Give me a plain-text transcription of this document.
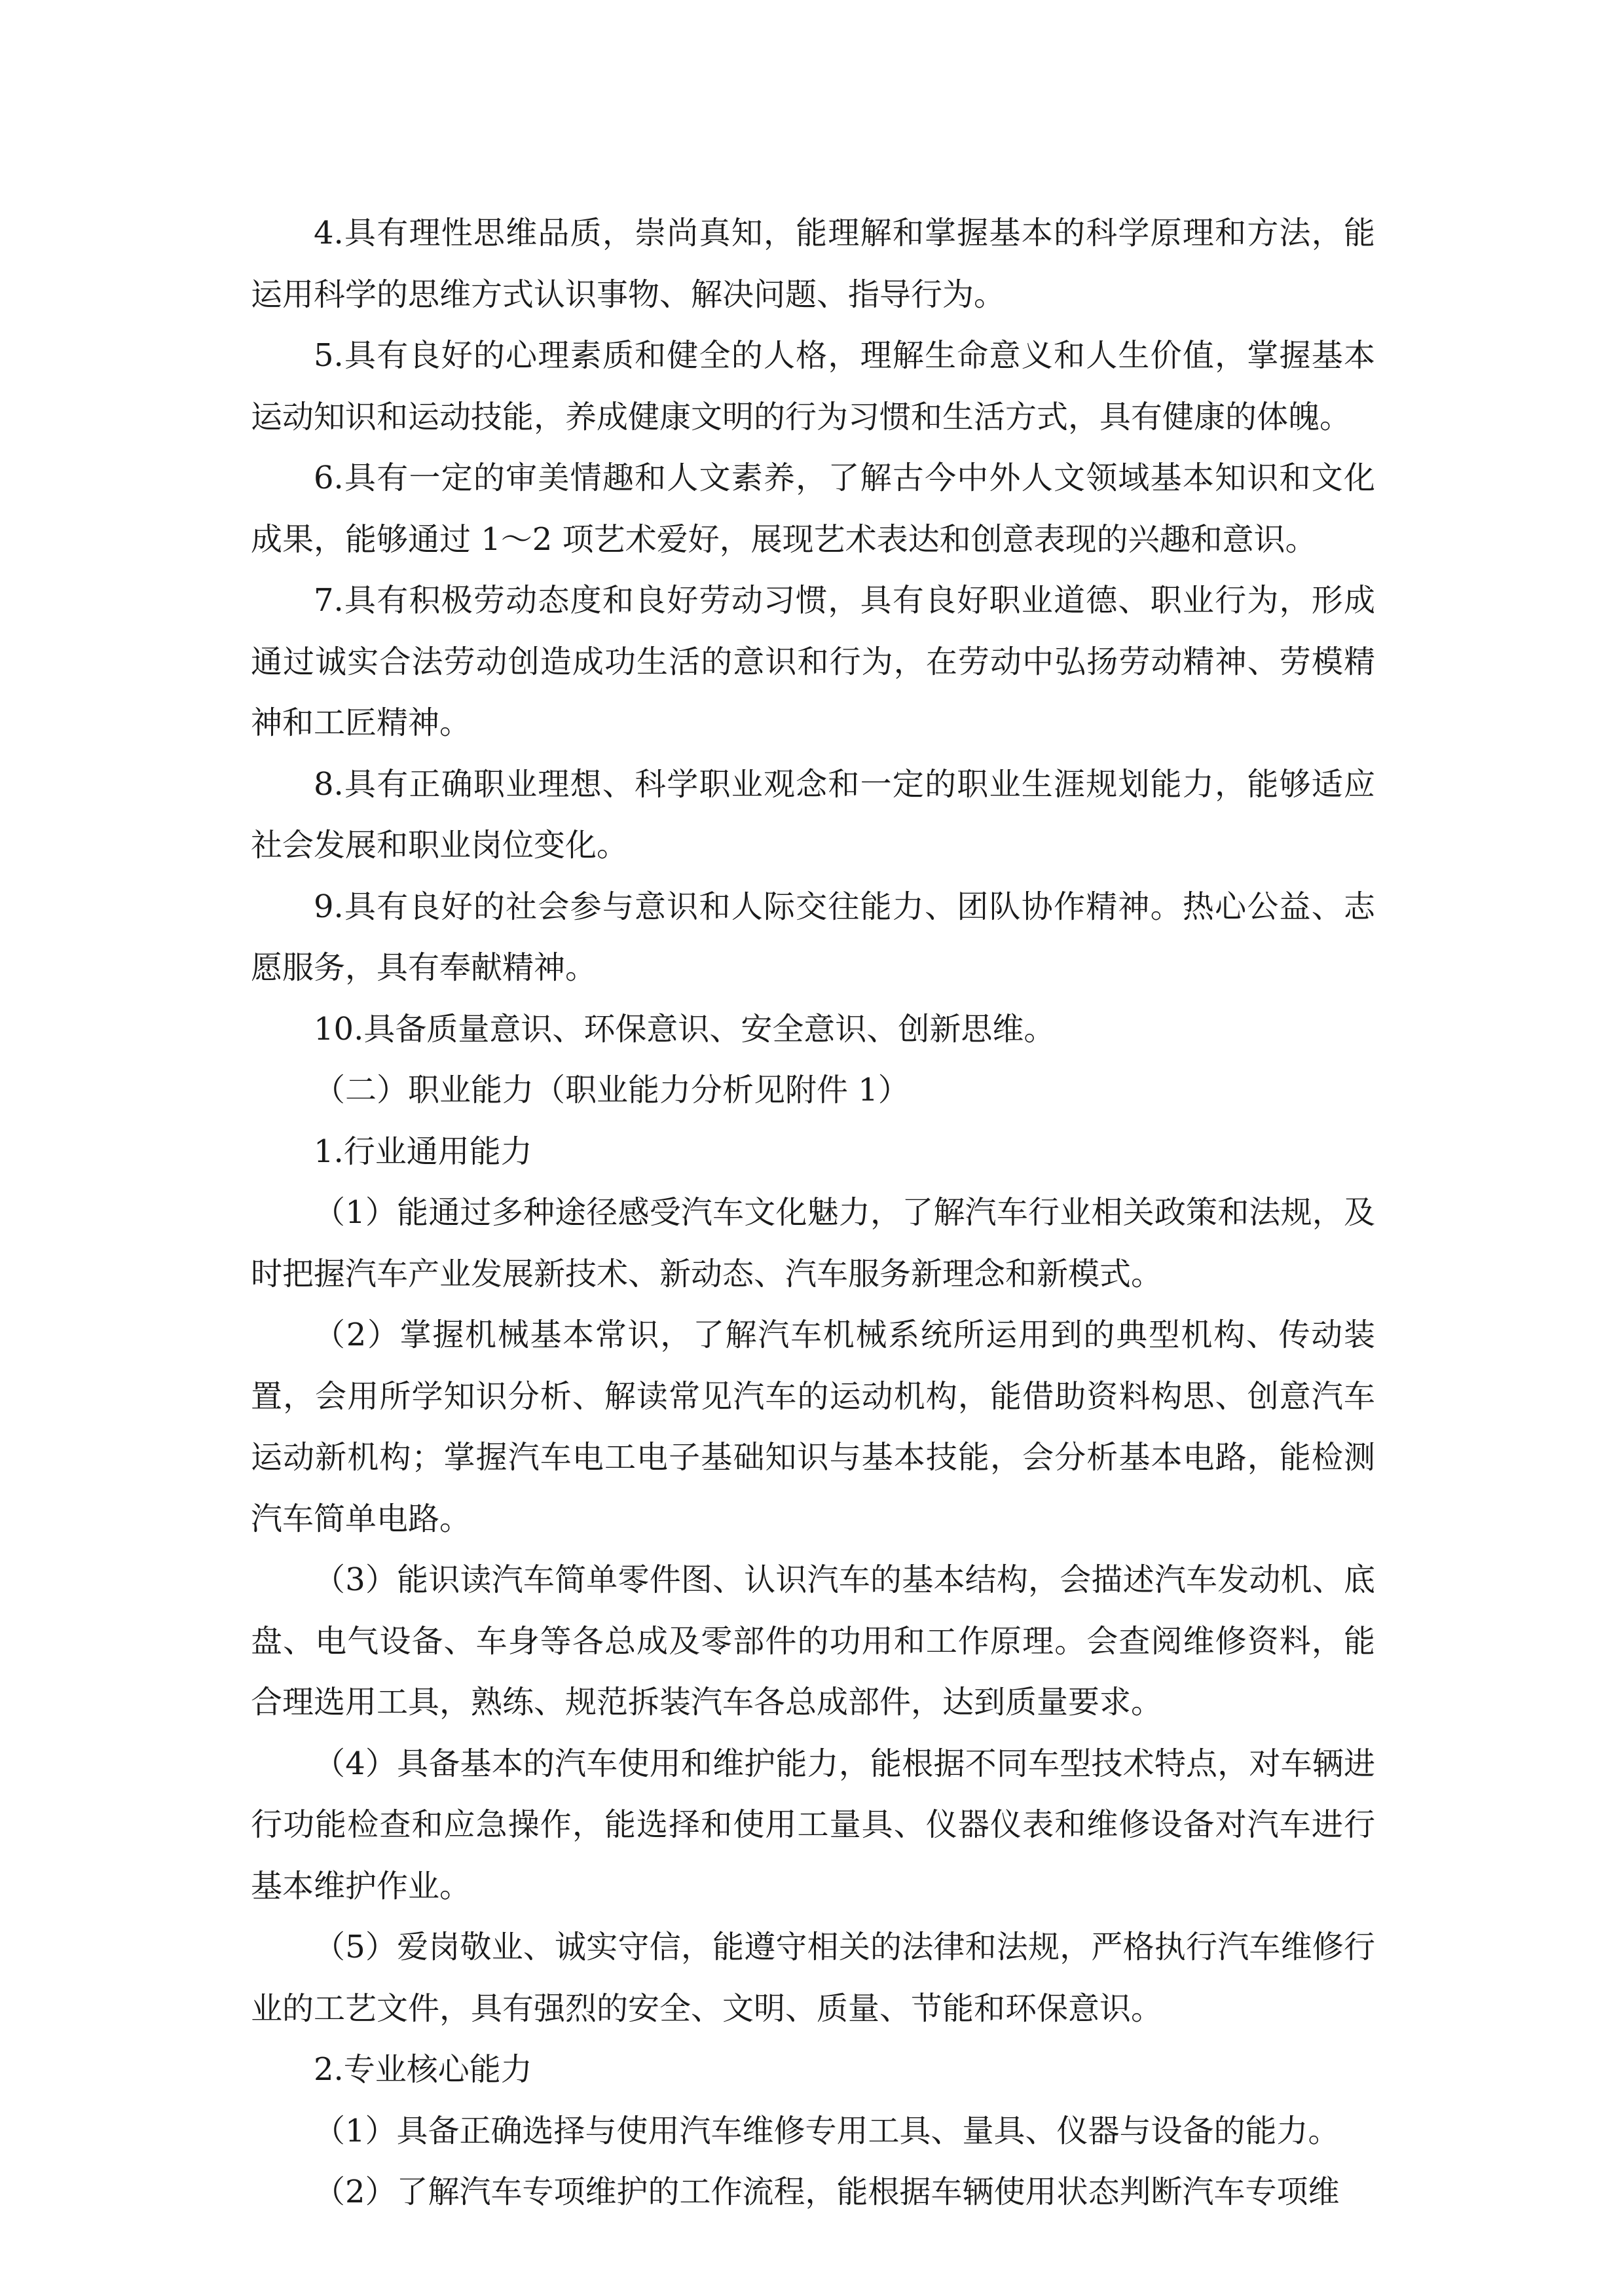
4.具有理性思维品质，崇尚真知，能理解和掌握基本的科学原理和方法，能运用科学的思维方式认识事物、解决问题、指导行为。

5.具有良好的心理素质和健全的人格，理解生命意义和人生价值，掌握基本运动知识和运动技能，养成健康文明的行为习惯和生活方式，具有健康的体魄。

6.具有一定的审美情趣和人文素养，了解古今中外人文领域基本知识和文化成果，能够通过 1～2 项艺术爱好，展现艺术表达和创意表现的兴趣和意识。

7.具有积极劳动态度和良好劳动习惯，具有良好职业道德、职业行为，形成通过诚实合法劳动创造成功生活的意识和行为，在劳动中弘扬劳动精神、劳模精神和工匠精神。

8.具有正确职业理想、科学职业观念和一定的职业生涯规划能力，能够适应社会发展和职业岗位变化。

9.具有良好的社会参与意识和人际交往能力、团队协作精神。热心公益、志愿服务，具有奉献精神。

10.具备质量意识、环保意识、安全意识、创新思维。

（二）职业能力（职业能力分析见附件 1）

1.行业通用能力

（1）能通过多种途径感受汽车文化魅力，了解汽车行业相关政策和法规，及时把握汽车产业发展新技术、新动态、汽车服务新理念和新模式。

（2）掌握机械基本常识，了解汽车机械系统所运用到的典型机构、传动装置，会用所学知识分析、解读常见汽车的运动机构，能借助资料构思、创意汽车运动新机构；掌握汽车电工电子基础知识与基本技能，会分析基本电路，能检测汽车简单电路。

（3）能识读汽车简单零件图、认识汽车的基本结构，会描述汽车发动机、底盘、电气设备、车身等各总成及零部件的功用和工作原理。会查阅维修资料，能合理选用工具，熟练、规范拆装汽车各总成部件，达到质量要求。

（4）具备基本的汽车使用和维护能力，能根据不同车型技术特点，对车辆进行功能检查和应急操作，能选择和使用工量具、仪器仪表和维修设备对汽车进行基本维护作业。

（5）爱岗敬业、诚实守信，能遵守相关的法律和法规，严格执行汽车维修行业的工艺文件，具有强烈的安全、文明、质量、节能和环保意识。

2.专业核心能力

（1）具备正确选择与使用汽车维修专用工具、量具、仪器与设备的能力。

（2）了解汽车专项维护的工作流程，能根据车辆使用状态判断汽车专项维
